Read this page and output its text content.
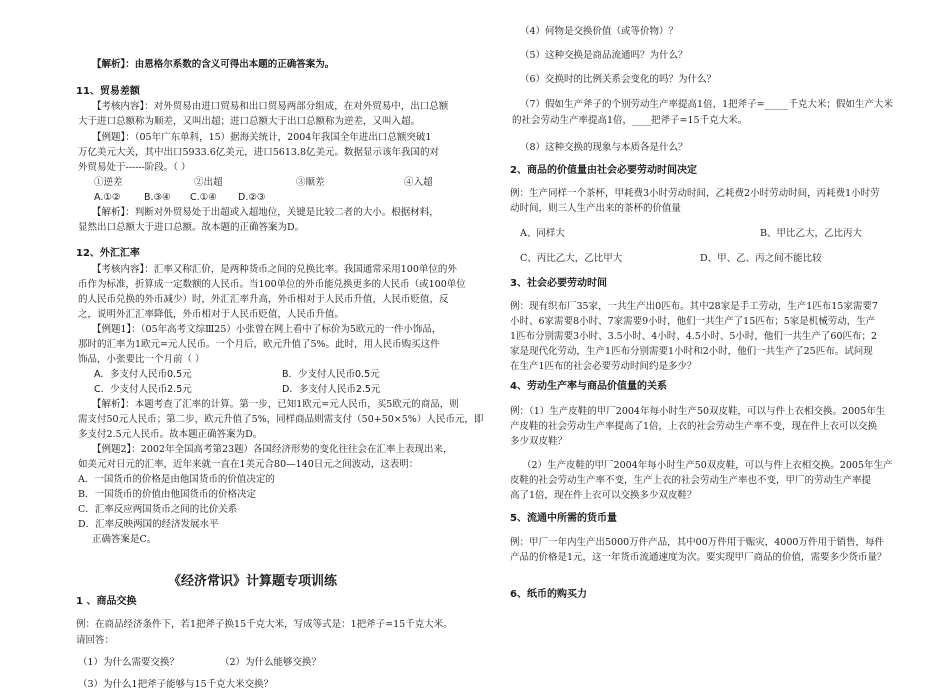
【解析】：由恩格尔系数的含义可得出本题的正确答案为。
11、贸易差额
【考核内容】：对外贸易由进口贸易和出口贸易两部分组成，在对外贸易中，出口总额
大于进口总额称为顺差，又叫出超；进口总额大于出口总额称为逆差，又叫入超。
【例题】：（05年广东单科，15）据海关统计，2004年我国全年进出口总额突破1
万亿美元大关，其中出口5933.6亿美元，进口5613.8亿美元。数据显示该年我国的对
外贸易处于------阶段。（ ）
①逆差	②出超	③顺差	④入超
A.①② B.③④ C.①④ D.②③
【解析】：判断对外贸易处于出超或入超地位，关键是比较二者的大小。根据材料，
显然出口总额大于进口总额。故本题的正确答案为D。
12、外汇汇率
【考核内容】：汇率又称汇价，是两种货币之间的兑换比率。我国通常采用100单位的外
币作为标准，折算成一定数额的人民币。当100单位的外币能兑换更多的人民币（或100单位
的人民币兑换的外币减少）时，外汇汇率升高，外币相对于人民币升值，人民币贬值，反
之，说明外汇汇率降低，外币相对于人民币贬值，人民币升值。
【例题1】：（05年高考文综Ⅲ25）小张曾在网上看中了标价为5欧元的一件小饰品，
那时的汇率为1欧元=元人民币。一个月后，欧元升值了5%。此时，用人民币购买这件
饰品，小张要比一个月前（ ）
A．多支付人民币0.5元	B．少支付人民币0.5元
C．少支付人民币2.5元	D．多支付人民币2.5元
【解析】：本题考查了汇率的计算。第一步，已知1欧元=元人民币，买5欧元的商品，则
需支付50元人民币；第二步，欧元升值了5%，同样商品则需支付（50+50×5%）人民币元，即
多支付2.5元人民币。故本题正确答案为D。
【例题2】：2002年全国高考第23题）各国经济形势的变化往往会在汇率上表现出来，
如美元对日元的汇率，近年来就一直在1美元合80—140日元之间波动，这表明：
A．一国货币的价格是由他国货币的价值决定的
B．一国货币的价值由他国货币的价格决定
C．汇率反应两国货币之间的比价关系
D．汇率反映两国的经济发展水平
正确答案是C。
《经济常识》计算题专项训练
1 、商品交换
例：在商品经济条件下，若1把斧子换15千克大米，写成等式是：1把斧子=15千克大米。
请回答：
（1）为什么需要交换？	（2）为什么能够交换？
（3）为什么1把斧子能够与15千克大米交换？
（4）何物是交换价值（或等价物）？
（5）这种交换是商品流通吗？为什么？
（6）交换时的比例关系会变化的吗？为什么？
（7）假如生产斧子的个别劳动生产率提高1倍，1把斧子=_____千克大米；假如生产大米
的社会劳动生产率提高1倍，____把斧子=15千克大米。
（8）这种交换的现象与本质各是什么？
2、商品的价值量由社会必要劳动时间决定
例：生产同样一个茶杯，甲耗费3小时劳动时间，乙耗费2小时劳动时间，丙耗费1小时劳
动时间，则三人生产出来的茶杯的价值量
A、同样大	B、甲比乙大，乙比丙大
C、丙比乙大，乙比甲大	D、甲、乙、丙之间不能比较
3、社会必要劳动时间
例：现有织布厂35家，一共生产出0匹布。其中28家是手工劳动，生产1匹布15家需要7
小时、6家需要8小时、7家需要9小时，他们一共生产了15匹布；5家是机械劳动，生产
1匹布分别需要3小时、3.5小时、4小时、4.5小时、5小时，他们一共生产了60匹布；2
家是现代化劳动，生产1匹布分别需要1小时和2小时，他们一共生产了25匹布。试问现
在生产1匹布的社会必要劳动时间约是多少？
4、劳动生产率与商品价值量的关系
例：（1）生产皮鞋的甲厂2004年每小时生产50双皮鞋，可以与件上衣相交换。2005年生
产皮鞋的社会劳动生产率提高了1倍，上衣的社会劳动生产率不变，现在件上衣可以交换
多少双皮鞋？
（2）生产皮鞋的甲厂2004年每小时生产50双皮鞋，可以与件上衣相交换。2005年生产
皮鞋的社会劳动生产率不变，生产上衣的社会劳动生产率也不变，甲厂的劳动生产率提
高了1倍，现在件上衣可以交换多少双皮鞋？
5、流通中所需的货币量
例：甲厂一年内生产出5000万件产品，其中00万件用于赈灾，4000万件用于销售，每件
产品的价格是1元，这一年货币流通速度为次。要实现甲厂商品的价值，需要多少货币量？
6、纸币的购买力
